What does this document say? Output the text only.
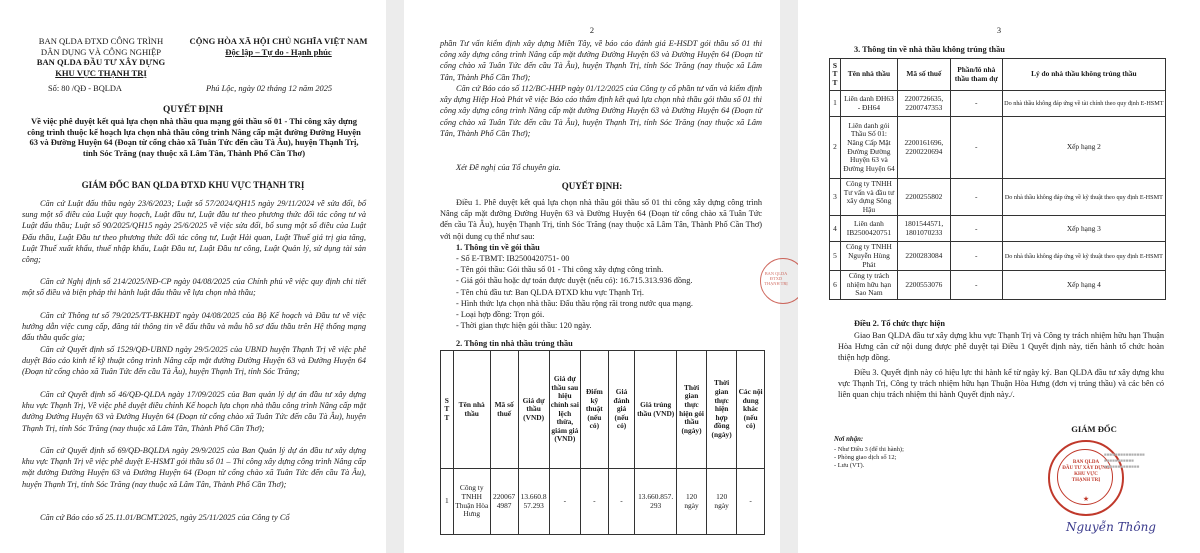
BAN QLDA ĐTXD CÔNG TRÌNH
DÂN DỤNG VÀ CÔNG NGHIỆP
BAN QLDA ĐẦU TƯ XÂY DỰNG
KHU VỰC THẠNH TRỊ
CỘNG HÒA XÃ HỘI CHỦ NGHĨA VIỆT NAM
Độc lập – Tự do - Hạnh phúc
Số: 80 /QĐ - BQLDA	Phú Lộc, ngày 02 tháng 12 năm 2025
QUYẾT ĐỊNH
Về việc phê duyệt kết quả lựa chọn nhà thầu qua mạng gói thầu số 01 - Thi công xây dựng công trình thuộc kế hoạch lựa chọn nhà thầu công trình Nâng cấp mặt đường Đường Huyện 63 và Đường Huyện 64 (Đoạn từ cổng chào xã Tuân Tức đến cầu Tà Âu), huyện Thạnh Trị, tỉnh Sóc Trăng (nay thuộc xã Lâm Tân, Thành Phố Cần Thơ)
GIÁM ĐỐC BAN QLDA ĐTXD KHU VỰC THẠNH TRỊ
Căn cứ Luật đấu thầu ngày 23/6/2023; Luật số 57/2024/QH15 ngày 29/11/2024 về sửa đổi, bổ sung một số điều của Luật quy hoạch, Luật đầu tư, Luật đầu tư theo phương thức đối tác công tư và Luật đấu thầu; Luật số 90/2025/QH15 ngày 25/6/2025 về việc sửa đổi, bổ sung một số điều của Luật Đấu thầu, Luật Đầu tư theo phương thức đối tác công tư, Luật Hải quan, Luật Thuế giá trị gia tăng, Luật Thuế xuất khẩu, thuế nhập khẩu, Luật Đầu tư, Luật Đầu tư công, Luật Quản lý, sử dụng tài sản công;
Căn cứ Nghị định số 214/2025/NĐ-CP ngày 04/08/2025 của Chính phủ về việc quy định chi tiết một số điều và biện pháp thi hành luật đấu thầu về lựa chọn nhà thầu;
Căn cứ Thông tư số 79/2025/TT-BKHĐT ngày 04/08/2025 của Bộ Kế hoạch và Đầu tư về việc hướng dẫn việc cung cấp, đăng tải thông tin về đấu thầu và mẫu hồ sơ đấu thầu trên Hệ thống mạng đấu thầu quốc gia;
Căn cứ Quyết định số 1529/QĐ-UBND ngày 29/5/2025 của UBND huyện Thạnh Trị về việc phê duyệt Báo cáo kinh tế kỹ thuật công trình Nâng cấp mặt đường Đường Huyện 63 và Đường Huyện 64 (Đoạn từ cổng chào xã Tuân Tức đến cầu Tà Âu), huyện Thạnh Trị, tỉnh Sóc Trăng;
Căn cứ Quyết định số 46/QĐ-QLDA ngày 17/09/2025 của Ban quản lý dự án đầu tư xây dựng khu vực Thạnh Trị, Về việc phê duyệt điều chỉnh Kế hoạch lựa chọn nhà thầu công trình Nâng cấp mặt đường Đường Huyện 63 và Đường Huyện 64 (Đoạn từ cổng chào xã Tuân Tức đến cầu Tà Âu), huyện Thạnh Trị, tỉnh Sóc Trăng (nay thuộc xã Lâm Tân, Thành Phố Cần Thơ);
Căn cứ Quyết định số 69/QĐ-BQLDA ngày 29/9/2025 của Ban Quản lý dự án đầu tư xây dựng khu vực Thạnh Trị về việc phê duyệt E-HSMT gói thầu số 01 – Thi công xây dựng công trình Nâng cấp mặt đường Đường Huyện 63 và Đường Huyện 64 (Đoạn từ cổng chào xã Tuân Tức đến cầu Tà Âu), huyện Thạnh Trị, tỉnh Sóc Trăng (nay thuộc xã Lâm Tân, Thành Phố Cần Thơ);
Căn cứ Báo cáo số 25.11.01/BCMT.2025, ngày 25/11/2025 của Công ty Cổ
2
phần Tư vấn kiểm định xây dựng Miền Tây, về báo cáo đánh giá E-HSDT gói thầu số 01 thi công xây dựng công trình Nâng cấp mặt đường Đường Huyện 63 và Đường Huyện 64 (Đoạn từ cổng chào xã Tuân Tức đến cầu Tà Âu), huyện Thạnh Trị, tỉnh Sóc Trăng (nay thuộc xã Lâm Tân, Thành Phố Cần Thơ);
Căn cứ Báo cáo số 112/BC-HHP ngày 01/12/2025 của Công ty cổ phần tư vấn và kiểm định xây dựng Hiệp Hoà Phát về việc Báo cáo thẩm định kết quả lựa chọn nhà thầu gói thầu số 01 thi công xây dựng công trình Nâng cấp mặt đường Đường Huyện 63 và Đường Huyện 64 (Đoạn từ cổng chào xã Tuân Tức đến cầu Tà Âu), huyện Thạnh Trị, tỉnh Sóc Trăng (nay thuộc xã Lâm Tân, Thành Phố Cần Thơ);
Xét Đề nghị của Tổ chuyên gia.
QUYẾT ĐỊNH:
Điều 1. Phê duyệt kết quả lựa chọn nhà thầu gói thầu số 01 thi công xây dựng công trình Nâng cấp mặt đường Đường Huyện 63 và Đường Huyện 64 (Đoạn từ cổng chào xã Tuân Tức đến cầu Tà Âu), huyện Thạnh Trị, tỉnh Sóc Trăng (nay thuộc xã Lâm Tân, Thành Phố Cần Thơ) với nội dung cụ thể như sau:
1. Thông tin về gói thầu
- Số E-TBMT: IB2500420751- 00
- Tên gói thầu: Gói thầu số 01 - Thi công xây dựng công trình.
- Giá gói thầu hoặc dự toán được duyệt (nếu có): 16.715.313.936 đồng.
- Tên chủ đầu tư: Ban QLDA ĐTXD khu vực Thạnh Trị.
- Hình thức lựa chọn nhà thầu: Đấu thầu rộng rãi trong nước qua mạng.
- Loại hợp đồng: Trọn gói.
- Thời gian thực hiện gói thầu: 120 ngày.
2. Thông tin nhà thầu trúng thầu
S T T	Tên nhà thầu	Mã số thuế	Giá dự thầu (VND)	Giá dự thầu sau hiệu chỉnh sai lệch thừa, giảm giá (VND)	Điểm kỹ thuật (nếu có)	Giá đánh giá (nếu có)	Giá trúng thầu (VND)	Thời gian thực hiện gói thầu (ngày)	Thời gian thực hiện hợp đồng (ngày)	Các nội dung khác (nếu có)
1	Công ty TNHH Thuận Hòa Hưng	2200674987	13.660.857.293	-	-	-	13.660.857.293	120 ngày	120 ngày	-
BAN QLDA
ĐTXD
THẠNH TRỊ
3
3. Thông tin về nhà thầu không trúng thầu
S T T	Tên nhà thầu	Mã số thuế	Phần/lô nhà thầu tham dự	Lý do nhà thầu không trúng thầu
1	Liên danh ĐH63 - ĐH64	2200726635, 2200747353	-	Do nhà thầu không đáp ứng về tài chính theo quy định E-HSMT
2	Liên danh gói Thầu Số 01: Nâng Cấp Mặt Đường Đường Huyện 63 và Đường Huyện 64	2200161696, 2200220694	-	Xếp hạng 2
3	Công ty TNHH Tư vấn và đầu tư xây dựng Sông Hậu	2200255802	-	Do nhà thầu không đáp ứng về kỹ thuật theo quy định E-HSMT
4	Liên danh IB2500420751	1801544571, 1801070233	-	Xếp hạng 3
5	Công ty TNHH Nguyễn Hùng Phát	2200283084	-	Do nhà thầu không đáp ứng về kỹ thuật theo quy định E-HSMT
6	Công ty trách nhiệm hữu hạn Sao Nam	2200553076	-	Xếp hạng 4
Điều 2. Tổ chức thực hiện
Giao Ban QLDA đầu tư xây dựng khu vực Thạnh Trị và Công ty trách nhiệm hữu hạn Thuận Hòa Hưng căn cứ nội dung được phê duyệt tại Điều 1 Quyết định này, tiến hành tổ chức hoàn thiện hợp đồng.
Điều 3. Quyết định này có hiệu lực thi hành kể từ ngày ký. Ban QLDA đầu tư xây dựng khu vực Thạnh Trị, Công ty trách nhiệm hữu hạn Thuận Hòa Hưng (đơn vị trúng thầu) và các bên có liên quan chịu trách nhiệm thi hành Quyết định này./.
Nơi nhận:
- Như Điều 3 (để thi hành);
- Phòng giao dịch số 12;
- Lưu (VT).
GIÁM ĐỐC
BAN QLDA
ĐẦU TƯ XÂY DỰNG
KHU VỰC
THẠNH TRỊ
★
■■■■■■■■■■■■■■■
■■■■■■■■■■■
■■■■■■■■■■■■■
Nguyễn Thông
